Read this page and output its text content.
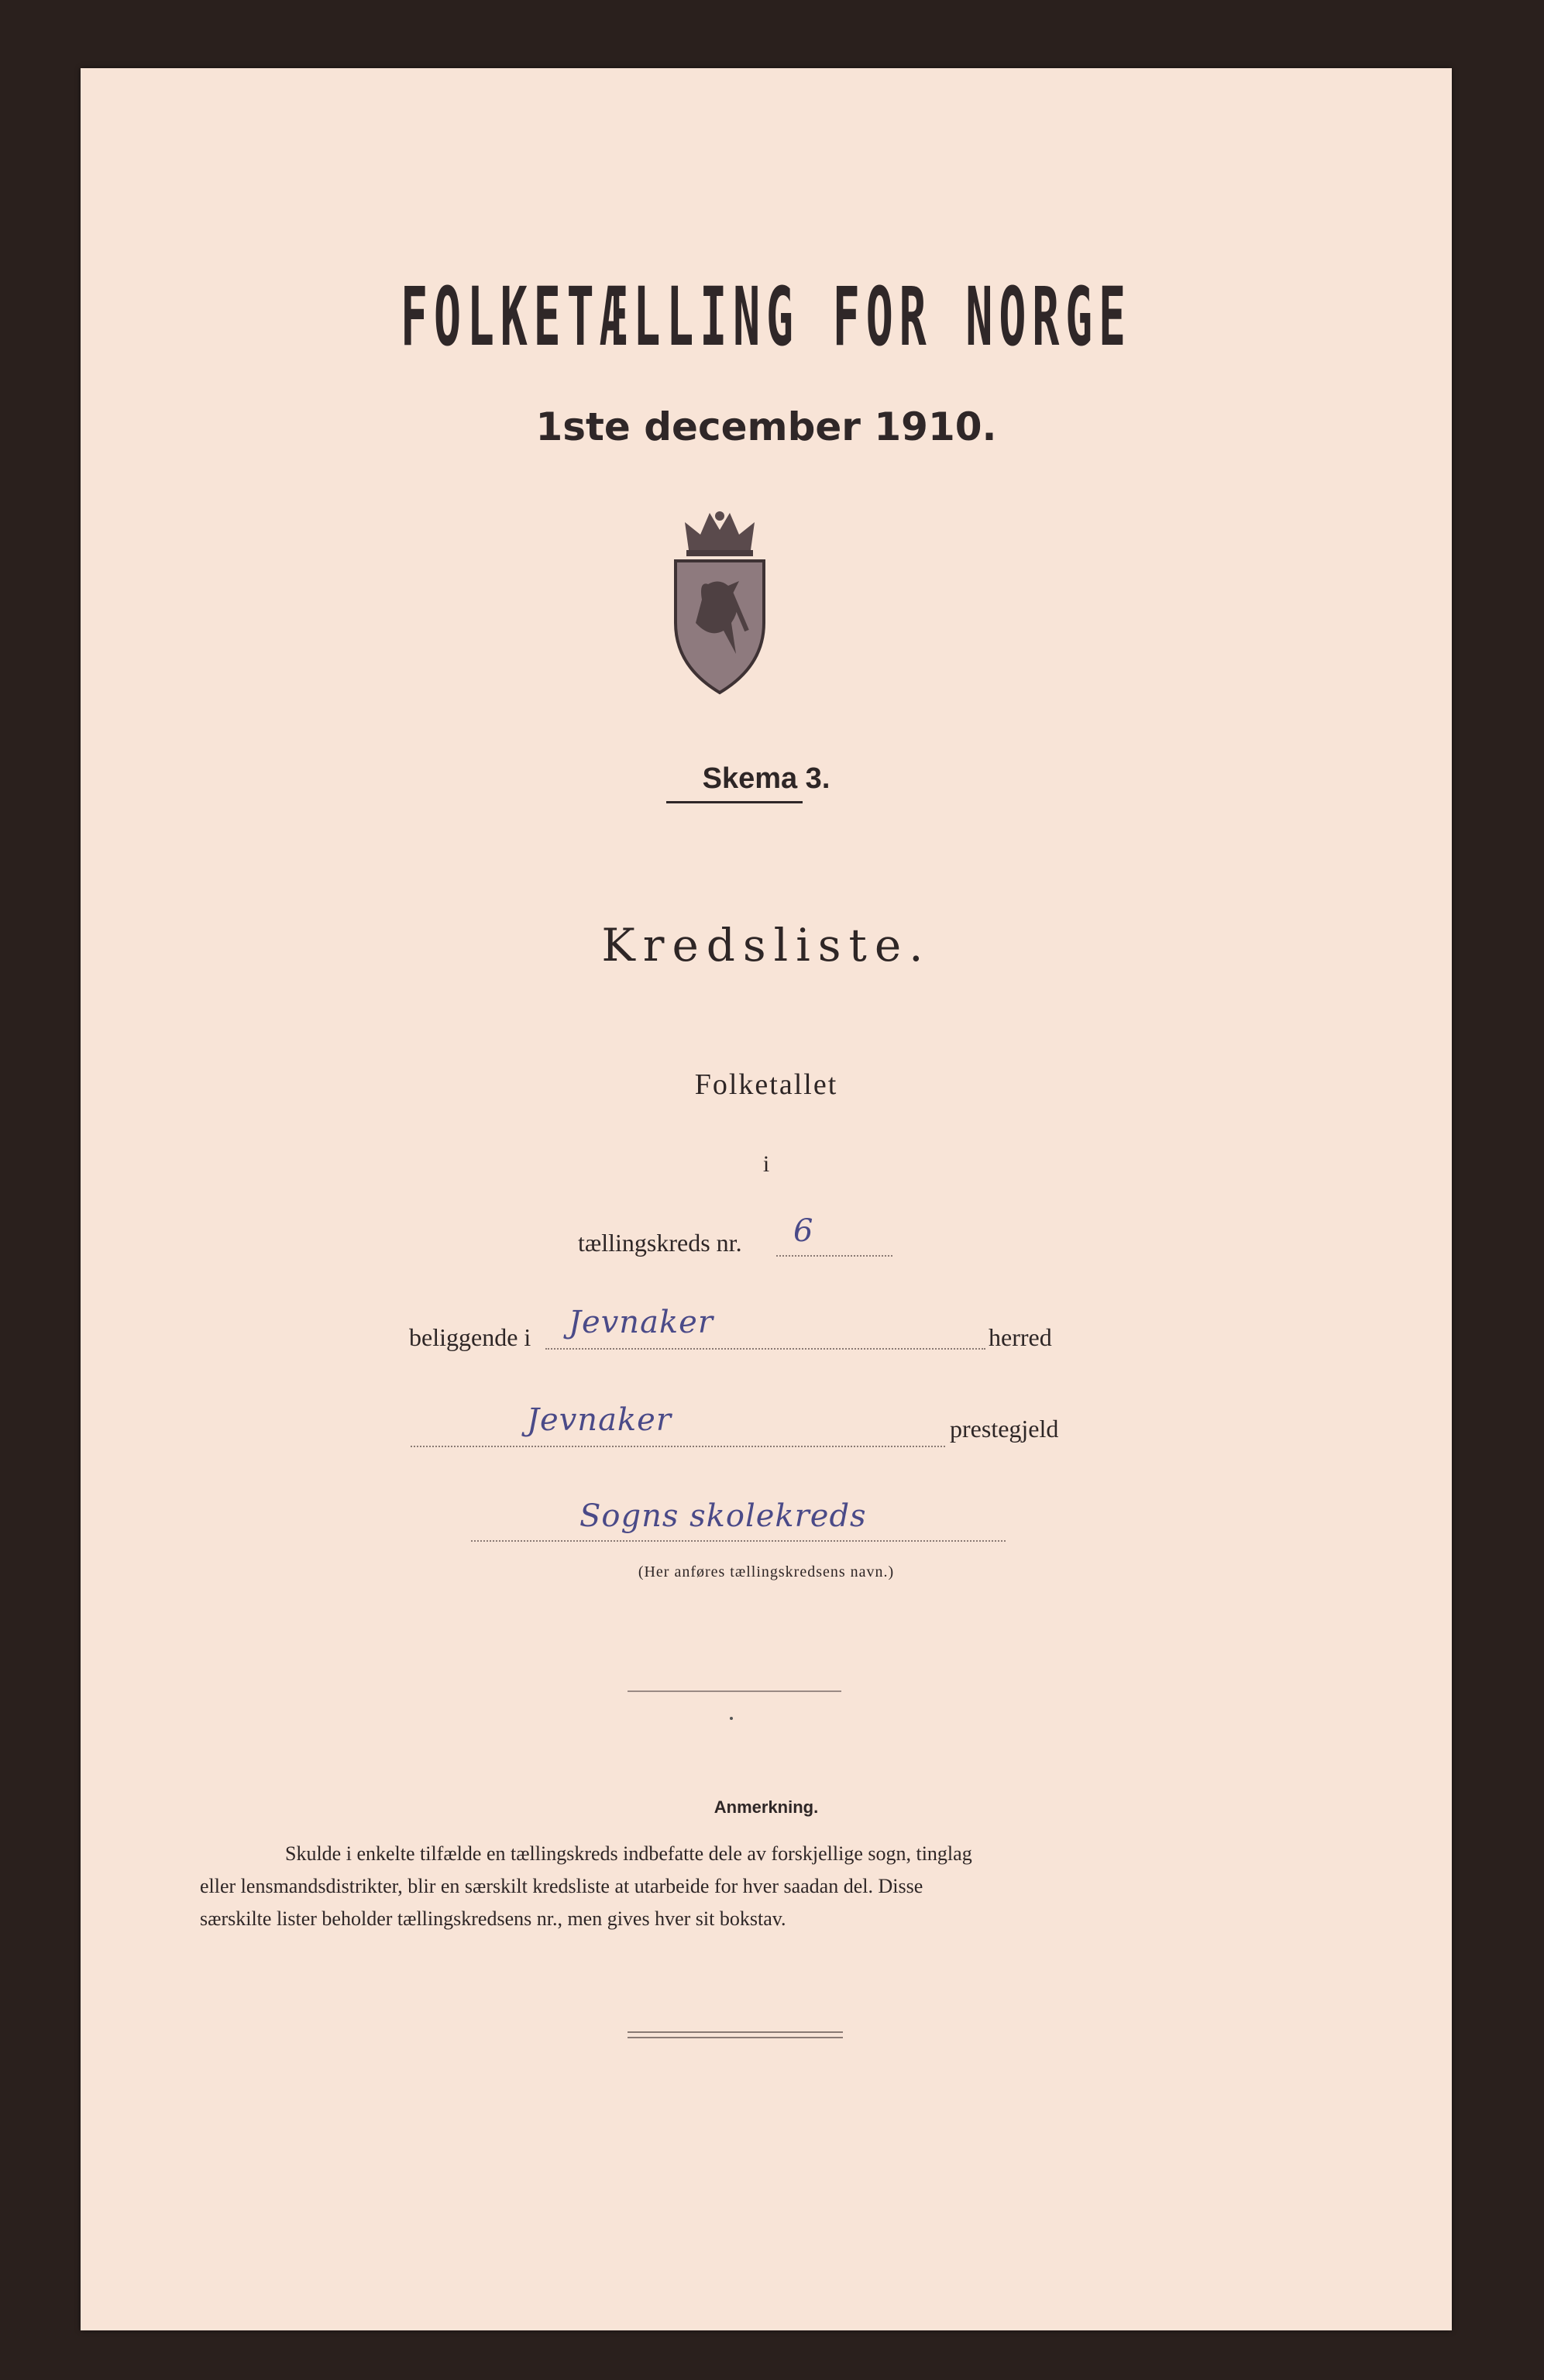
FOLKETÆLLING FOR NORGE
1ste december 1910.
Skema 3.
Kredsliste.
Folketallet
i
tællingskreds nr. 6
beliggende i Jevnaker	herred
Jevnaker	prestegjeld
Sogns skolekreds
(Her anføres tællingskredsens navn.)
Anmerkning.
Skulde i enkelte tilfælde en tællingskreds indbefatte dele av forskjellige sogn, tinglag
eller lensmandsdistrikter, blir en særskilt kredsliste at utarbeide for hver saadan del. Disse
særskilte lister beholder tællingskredsens nr., men gives hver sit bokstav.
